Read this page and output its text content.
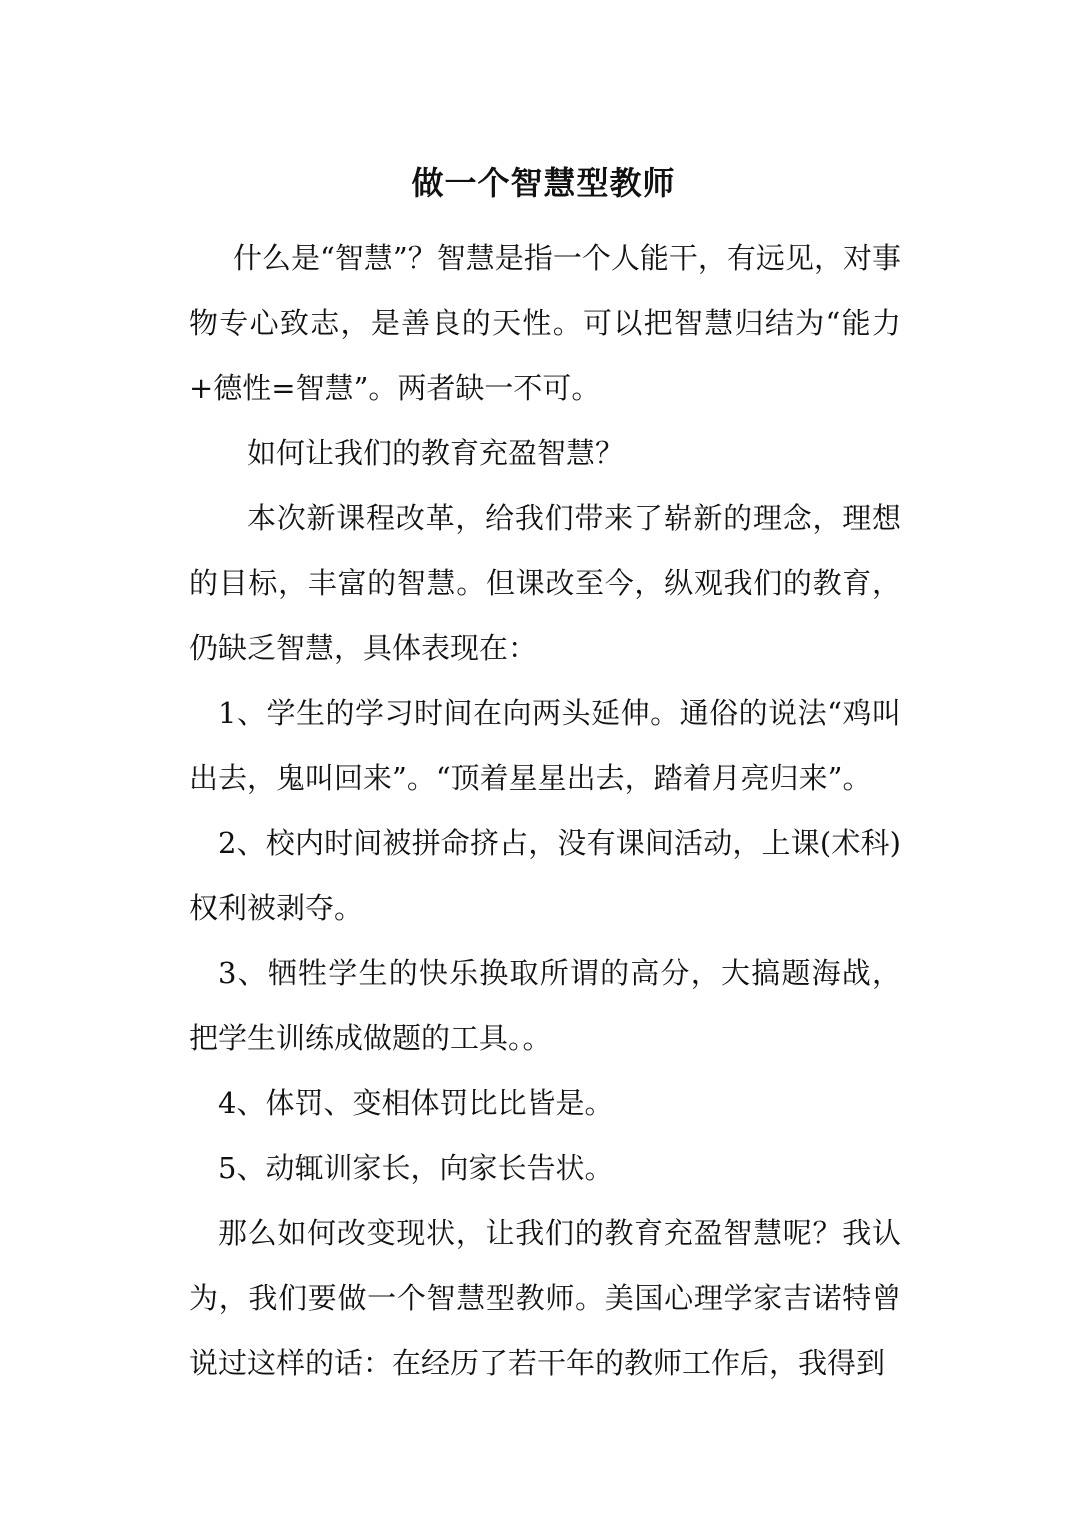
做一个智慧型教师

什么是“智慧”？智慧是指一个人能干，有远见，对事物专心致志，是善良的天性。可以把智慧归结为“能力+德性=智慧”。两者缺一不可。

如何让我们的教育充盈智慧？

本次新课程改革，给我们带来了崭新的理念，理想的目标，丰富的智慧。但课改至今，纵观我们的教育，仍缺乏智慧，具体表现在：

1、学生的学习时间在向两头延伸。通俗的说法“鸡叫出去，鬼叫回来”。“顶着星星出去，踏着月亮归来”。

2、校内时间被拼命挤占，没有课间活动，上课(术科)权利被剥夺。

3、牺牲学生的快乐换取所谓的高分，大搞题海战，把学生训练成做题的工具。。

4、体罚、变相体罚比比皆是。

5、动辄训家长，向家长告状。

那么如何改变现状，让我们的教育充盈智慧呢？我认为，我们要做一个智慧型教师。美国心理学家吉诺特曾说过这样的话：在经历了若干年的教师工作后，我得到
